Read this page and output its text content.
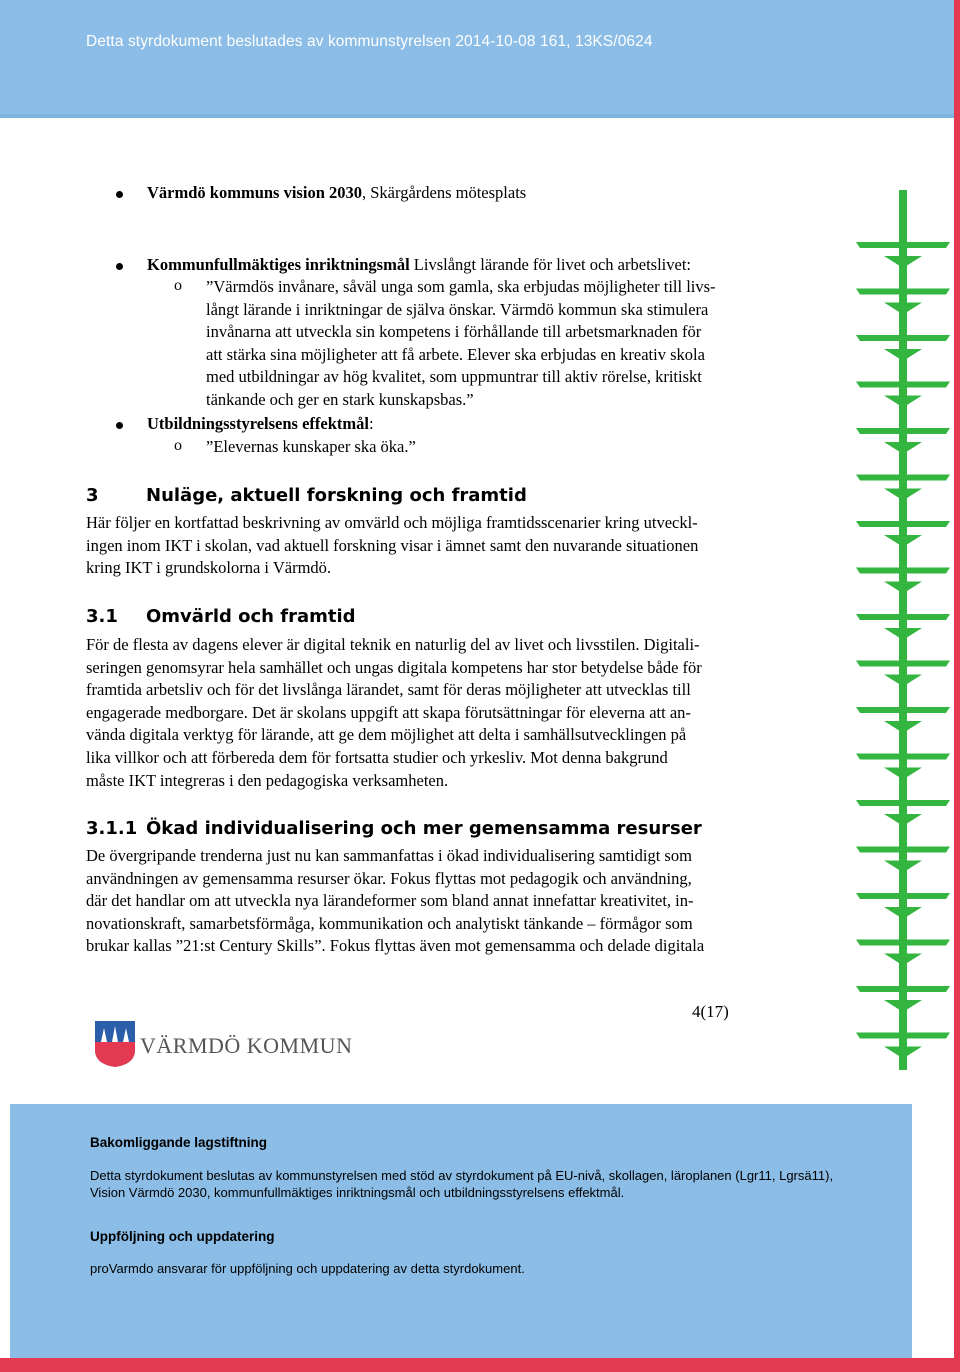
Detta styrdokument beslutades av kommunstyrelsen 2014-10-08 161, 13KS/0624
Värmdö kommuns vision 2030, Skärgårdens mötesplats
Kommunfullmäktiges inriktningsmål Livslångt lärande för livet och arbetslivet:
o ”Värmdös invånare, såväl unga som gamla, ska erbjudas möjligheter till livs-
långt lärande i inriktningar de själva önskar. Värmdö kommun ska stimulera
invånarna att utveckla sin kompetens i förhållande till arbetsmarknaden för
att stärka sina möjligheter att få arbete. Elever ska erbjudas en kreativ skola
med utbildningar av hög kvalitet, som uppmuntrar till aktiv rörelse, kritiskt
tänkande och ger en stark kunskapsbas.”
Utbildningsstyrelsens effektmål:
o ”Elevernas kunskaper ska öka.”
3	Nuläge, aktuell forskning och framtid
Här följer en kortfattad beskrivning av omvärld och möjliga framtidsscenarier kring utveckl-
ingen inom IKT i skolan, vad aktuell forskning visar i ämnet samt den nuvarande situationen
kring IKT i grundskolorna i Värmdö.
3.1 Omvärld och framtid
För de flesta av dagens elever är digital teknik en naturlig del av livet och livsstilen. Digitali-
seringen genomsyrar hela samhället och ungas digitala kompetens har stor betydelse både för
framtida arbetsliv och för det livslånga lärandet, samt för deras möjligheter att utvecklas till
engagerade medborgare. Det är skolans uppgift att skapa förutsättningar för eleverna att an-
vända digitala verktyg för lärande, att ge dem möjlighet att delta i samhällsutvecklingen på
lika villkor och att förbereda dem för fortsatta studier och yrkesliv. Mot denna bakgrund
måste IKT integreras i den pedagogiska verksamheten.
3.1.1 Ökad individualisering och mer gemensamma resurser
De övergripande trenderna just nu kan sammanfattas i ökad individualisering samtidigt som
användningen av gemensamma resurser ökar. Fokus flyttas mot pedagogik och användning,
där det handlar om att utveckla nya lärandeformer som bland annat innefattar kreativitet, in-
novationskraft, samarbetsförmåga, kommunikation och analytiskt tänkande – förmågor som
brukar kallas ”21:st Century Skills”. Fokus flyttas även mot gemensamma och delade digitala
4(17)
VÄRMDÖ KOMMUN
Bakomliggande lagstiftning
Detta styrdokument beslutas av kommunstyrelsen med stöd av styrdokument på EU-nivå, skollagen, läroplanen (Lgr11, Lgrsä11),
Vision Värmdö 2030, kommunfullmäktiges inriktningsmål och utbildningsstyrelsens effektmål.
Uppföljning och uppdatering
proVarmdo ansvarar för uppföljning och uppdatering av detta styrdokument.
